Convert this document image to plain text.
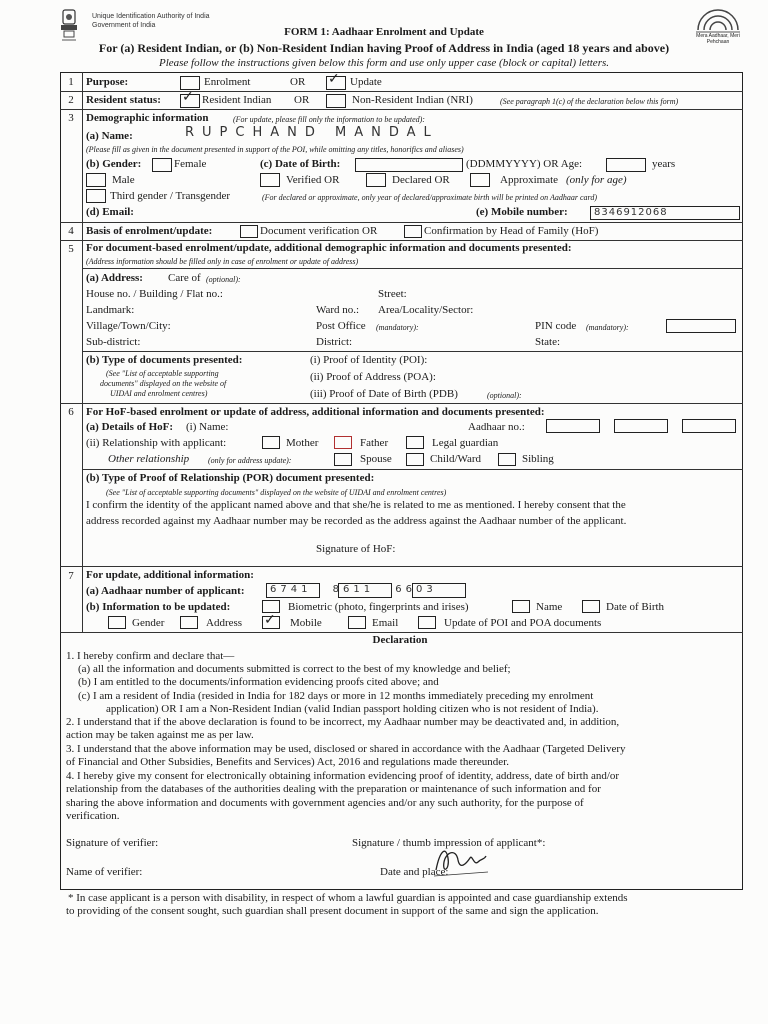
Unique Identification Authority of India
Government of India
Mera Aadhaar, Meri Pehchaan
FORM 1: Aadhaar Enrolment and Update
For (a) Resident Indian, or (b) Non-Resident Indian having Proof of Address in India (aged 18 years and above)
Please follow the instructions given below this form and use only upper case (block or capital) letters.
1	Purpose:	Enrolment	OR ✓ Update
2	Resident status: ✓ Resident Indian OR	Non-Resident Indian (NRI)	(See paragraph 1(c) of the declaration below this form)
3	Demographic information	(For update, please fill only the information to be updated):
(a) Name:	RUPCHAND MANDAL
(Please fill as given in the document presented in support of the POI, while omitting any titles, honorifics and aliases)
(b) Gender:	Female	(c) Date of Birth:	(DDMMYYYY) OR Age:	years
Male	Verified OR	Declared OR	Approximate (only for age)
Third gender / Transgender	(For declared or approximate, only year of declared/approximate birth will be printed on Aadhaar card)
(d) Email:	(e) Mobile number:	8346912068
4	Basis of enrolment/update:	Document verification OR	Confirmation by Head of Family (HoF)
5	For document-based enrolment/update, additional demographic information and documents presented:
(Address information should be filled only in case of enrolment or update of address)
(a) Address: Care of (optional):
House no. / Building / Flat no.:	Street:
Landmark:	Ward no.: Area/Locality/Sector:
Village/Town/City:	Post Office (mandatory):	PIN code (mandatory):
Sub-district:	District:	State:
(b) Type of documents presented:
(See "List of acceptable supporting
documents" displayed on the website of
UIDAI and enrolment centres)
(i) Proof of Identity (POI):
(ii) Proof of Address (POA):
(iii) Proof of Date of Birth (PDB)	(optional):
6	For HoF-based enrolment or update of address, additional information and documents presented:
(a) Details of HoF: (i) Name:	Aadhaar no.:
(ii) Relationship with applicant:	Mother	Father	Legal guardian
Other relationship (only for address update):	Spouse	Child/Ward	Sibling
(b) Type of Proof of Relationship (POR) document presented:
(See "List of acceptable supporting documents" displayed on the website of UIDAI and enrolment centres)
I confirm the identity of the applicant named above and that she/he is related to me as mentioned. I hereby consent that the
address recorded against my Aadhaar number may be recorded as the address against the Aadhaar number of the applicant.
Signature of HoF:
7	For update, additional information:
(a) Aadhaar number of applicant:	6741 8611 6603
(b) Information to be updated:	Biometric (photo, fingerprints and irises)	Name	Date of Birth
Gender	Address ✓ Mobile	Email	Update of POI and POA documents
Declaration
1. I hereby confirm and declare that—
(a) all the information and documents submitted is correct to the best of my knowledge and belief;
(b) I am entitled to the documents/information evidencing proofs cited above; and
(c) I am a resident of India (resided in India for 182 days or more in 12 months immediately preceding my enrolment
application) OR I am a Non-Resident Indian (valid Indian passport holding citizen who is not resident of India).
2. I understand that if the above declaration is found to be incorrect, my Aadhaar number may be deactivated and, in addition,
action may be taken against me as per law.
3. I understand that the above information may be used, disclosed or shared in accordance with the Aadhaar (Targeted Delivery
of Financial and Other Subsidies, Benefits and Services) Act, 2016 and regulations made thereunder.
4. I hereby give my consent for electronically obtaining information evidencing proof of identity, address, date of birth and/or
relationship from the databases of the authorities dealing with the preparation or maintenance of such information and for
sharing the above information and documents with government agencies and/or any such authority, for the purpose of
verification.
Signature of verifier:	Signature / thumb impression of applicant*:
Name of verifier:	Date and place:
* In case applicant is a person with disability, in respect of whom a lawful guardian is appointed and case guardianship extends
to providing of the consent sought, such guardian shall present document in support of the same and sign the application.
